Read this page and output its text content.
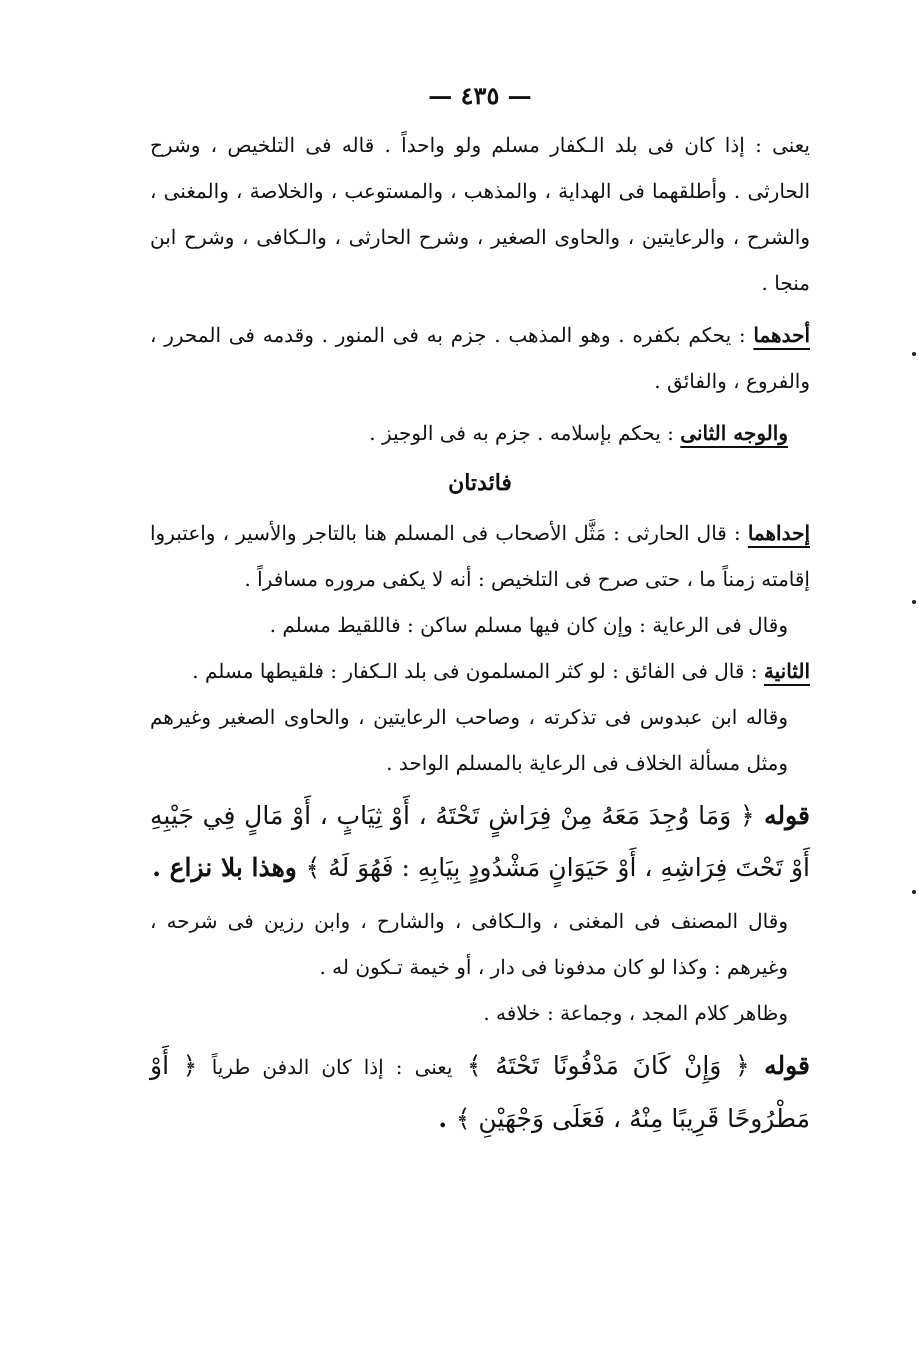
— ٤٣٥ —

يعنى : إذا كان فى بلد الـكفار مسلم ولو واحداً . قاله فى التلخيص ، وشرح الحارثى . وأطلقهما فى الهداية ، والمذهب ، والمستوعب ، والخلاصة ، والمغنى ، والشرح ، والرعايتين ، والحاوى الصغير ، وشرح الحارثى ، والـكافى ، وشرح ابن منجا .

أحدهما : يحكم بكفره . وهو المذهب . جزم به فى المنور . وقدمه فى المحرر ، والفروع ، والفائق .

والوجه الثانى : يحكم بإسلامه . جزم به فى الوجيز .

فائدتان

إحداهما : قال الحارثى : مَثَّل الأصحاب فى المسلم هنا بالتاجر والأسير ، واعتبروا إقامته زمناً ما ، حتى صرح فى التلخيص : أنه لا يكفى مروره مسافراً .

وقال فى الرعاية : وإن كان فيها مسلم ساكن : فاللقيط مسلم .

الثانية : قال فى الفائق : لو كثر المسلمون فى بلد الـكفار : فلقيطها مسلم .

وقاله ابن عبدوس فى تذكرته ، وصاحب الرعايتين ، والحاوى الصغير وغيرهم ومثل مسألة الخلاف فى الرعاية بالمسلم الواحد .

قوله ﴿ وَمَا وُجِدَ مَعَهُ مِنْ فِرَاشٍ تَحْتَهُ ، أَوْ ثِيَابٍ ، أَوْ مَالٍ فِي جَيْبِهِ أَوْ تَحْتَ فِرَاشِهِ ، أَوْ حَيَوَانٍ مَشْدُودٍ بِيَابِهِ : فَهُوَ لَهُ ﴾ وهذا بلا نزاع .

وقال المصنف فى المغنى ، والـكافى ، والشارح ، وابن رزين فى شرحه ، وغيرهم : وكذا لو كان مدفونا فى دار ، أو خيمة تـكون له .

وظاهر كلام المجد ، وجماعة : خلافه .

قوله ﴿ وَإِنْ كَانَ مَدْفُونًا تَحْتَهُ ﴾ يعنى : إذا كان الدفن طرياً ﴿ أَوْ مَطْرُوحًا قَرِيبًا مِنْهُ ، فَعَلَى وَجْهَيْنِ ﴾ .
